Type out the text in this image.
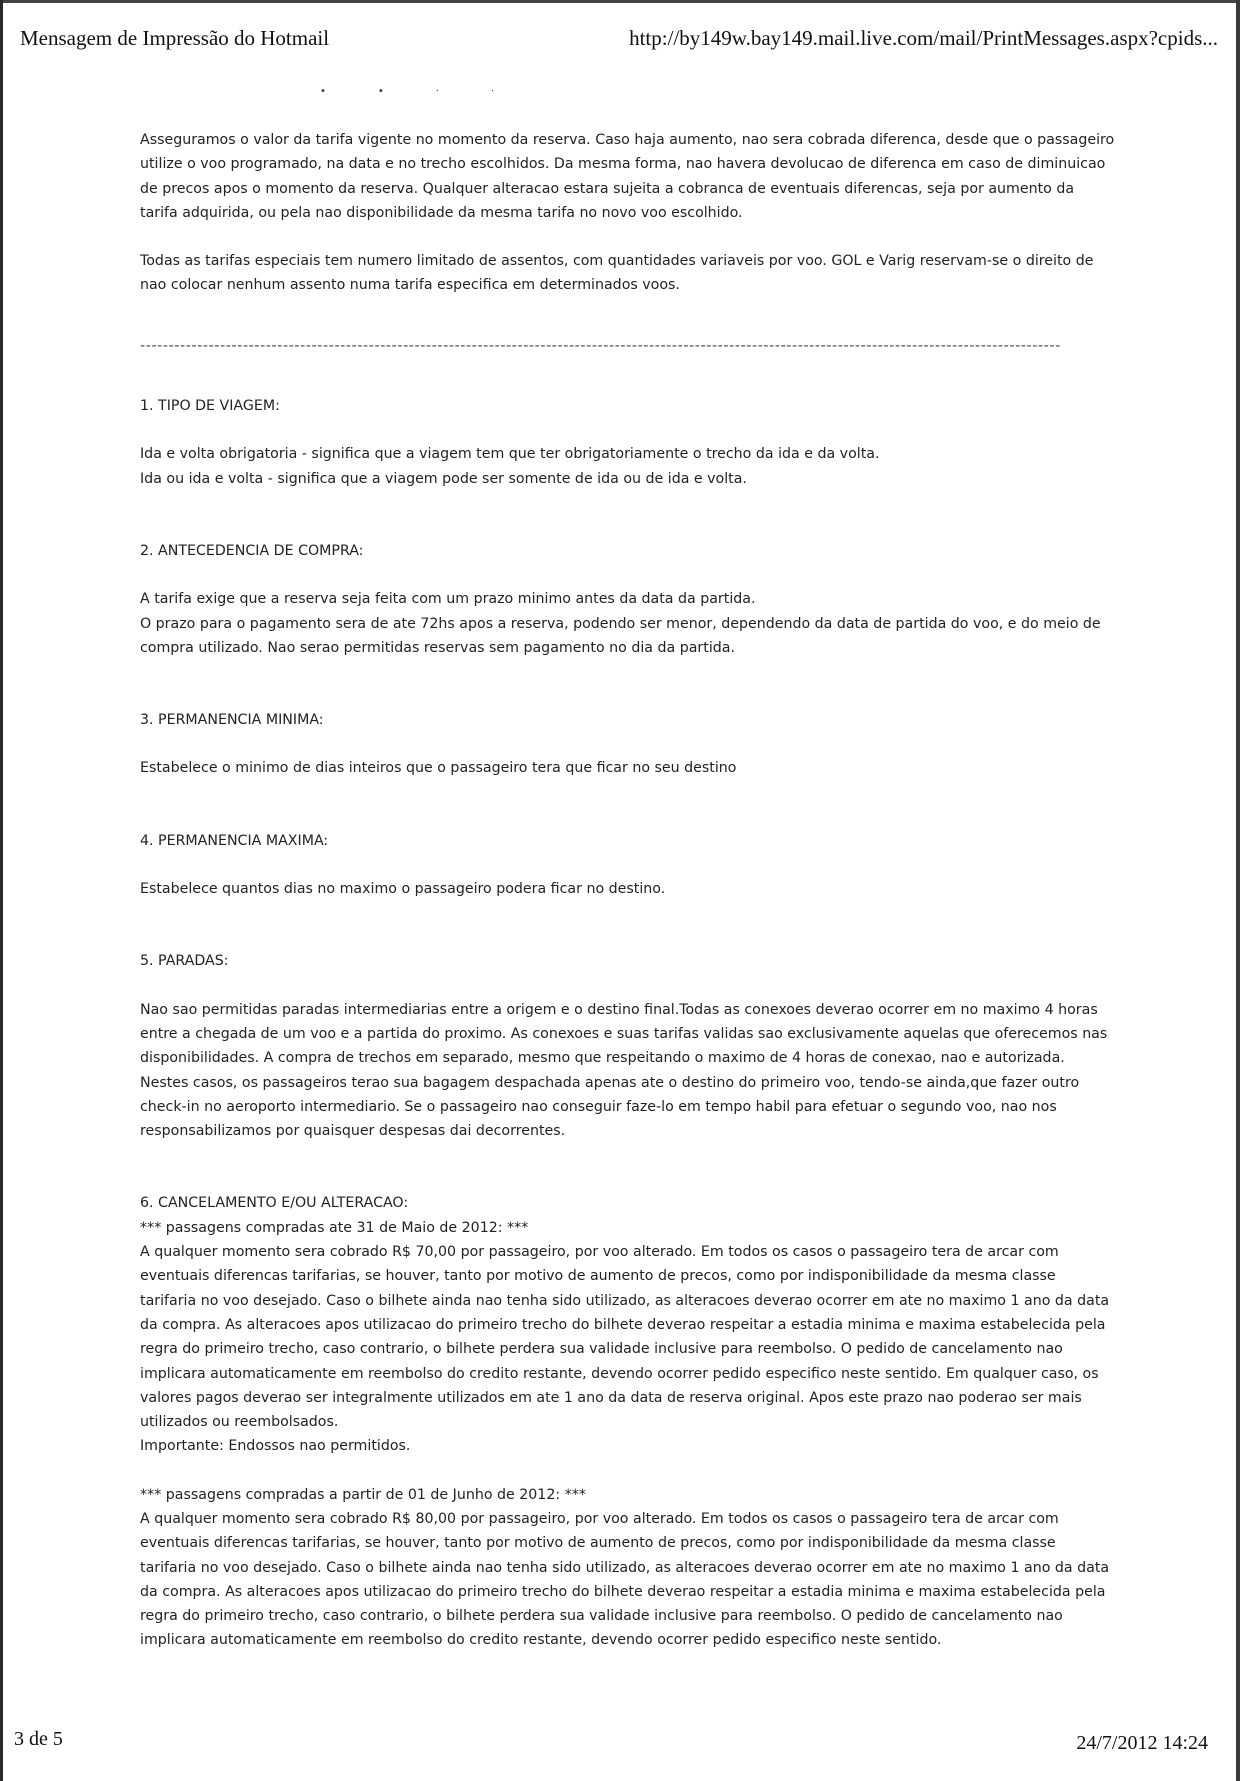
Mensagem de Impressão do Hotmail	http://by149w.bay149.mail.live.com/mail/PrintMessages.aspx?cpids...
••⋅⋅

Asseguramos o valor da tarifa vigente no momento da reserva. Caso haja aumento, nao sera cobrada diferenca, desde que o passageiro utilize o voo programado, na data e no trecho escolhidos. Da mesma forma, nao havera devolucao de diferenca em caso de diminuicao de precos apos o momento da reserva. Qualquer alteracao estara sujeita a cobranca de eventuais diferencas, seja por aumento da tarifa adquirida, ou pela nao disponibilidade da mesma tarifa no novo voo escolhido.

Todas as tarifas especiais tem numero limitado de assentos, com quantidades variaveis por voo. GOL e Varig reservam-se o direito de nao colocar nenhum assento numa tarifa especifica em determinados voos.

-----------------------------------------------------------------------------------------------------------------------------------------------------------------

1. TIPO DE VIAGEM:

Ida e volta obrigatoria - significa que a viagem tem que ter obrigatoriamente o trecho da ida e da volta.

Ida ou ida e volta - significa que a viagem pode ser somente de ida ou de ida e volta.

2. ANTECEDENCIA DE COMPRA:

A tarifa exige que a reserva seja feita com um prazo minimo antes da data da partida.

O prazo para o pagamento sera de ate 72hs apos a reserva, podendo ser menor, dependendo da data de partida do voo, e do meio de compra utilizado. Nao serao permitidas reservas sem pagamento no dia da partida.

3. PERMANENCIA MINIMA:

Estabelece o minimo de dias inteiros que o passageiro tera que ficar no seu destino

4. PERMANENCIA MAXIMA:

Estabelece quantos dias no maximo o passageiro podera ficar no destino.

5. PARADAS:

Nao sao permitidas paradas intermediarias entre a origem e o destino final.Todas as conexoes deverao ocorrer em no maximo 4 horas entre a chegada de um voo e a partida do proximo. As conexoes e suas tarifas validas sao exclusivamente aquelas que oferecemos nas disponibilidades. A compra de trechos em separado, mesmo que respeitando o maximo de 4 horas de conexao, nao e autorizada. Nestes casos, os passageiros terao sua bagagem despachada apenas ate o destino do primeiro voo, tendo-se ainda,que fazer outro check-in no aeroporto intermediario. Se o passageiro nao conseguir faze-lo em tempo habil para efetuar o segundo voo, nao nos responsabilizamos por quaisquer despesas dai decorrentes.

6. CANCELAMENTO E/OU ALTERACAO:

*** passagens compradas ate 31 de Maio de 2012: ***

A qualquer momento sera cobrado R$ 70,00 por passageiro, por voo alterado. Em todos os casos o passageiro tera de arcar com eventuais diferencas tarifarias, se houver, tanto por motivo de aumento de precos, como por indisponibilidade da mesma classe tarifaria no voo desejado. Caso o bilhete ainda nao tenha sido utilizado, as alteracoes deverao ocorrer em ate no maximo 1 ano da data da compra. As alteracoes apos utilizacao do primeiro trecho do bilhete deverao respeitar a estadia minima e maxima estabelecida pela regra do primeiro trecho, caso contrario, o bilhete perdera sua validade inclusive para reembolso. O pedido de cancelamento nao implicara automaticamente em reembolso do credito restante, devendo ocorrer pedido especifico neste sentido. Em qualquer caso, os valores pagos deverao ser integralmente utilizados em ate 1 ano da data de reserva original. Apos este prazo nao poderao ser mais utilizados ou reembolsados.

Importante: Endossos nao permitidos.

*** passagens compradas a partir de 01 de Junho de 2012: ***

A qualquer momento sera cobrado R$ 80,00 por passageiro, por voo alterado. Em todos os casos o passageiro tera de arcar com eventuais diferencas tarifarias, se houver, tanto por motivo de aumento de precos, como por indisponibilidade da mesma classe tarifaria no voo desejado. Caso o bilhete ainda nao tenha sido utilizado, as alteracoes deverao ocorrer em ate no maximo 1 ano da data da compra. As alteracoes apos utilizacao do primeiro trecho do bilhete deverao respeitar a estadia minima e maxima estabelecida pela regra do primeiro trecho, caso contrario, o bilhete perdera sua validade inclusive para reembolso. O pedido de cancelamento nao implicara automaticamente em reembolso do credito restante, devendo ocorrer pedido especifico neste sentido.

3 de 5	24/7/2012 14:24
